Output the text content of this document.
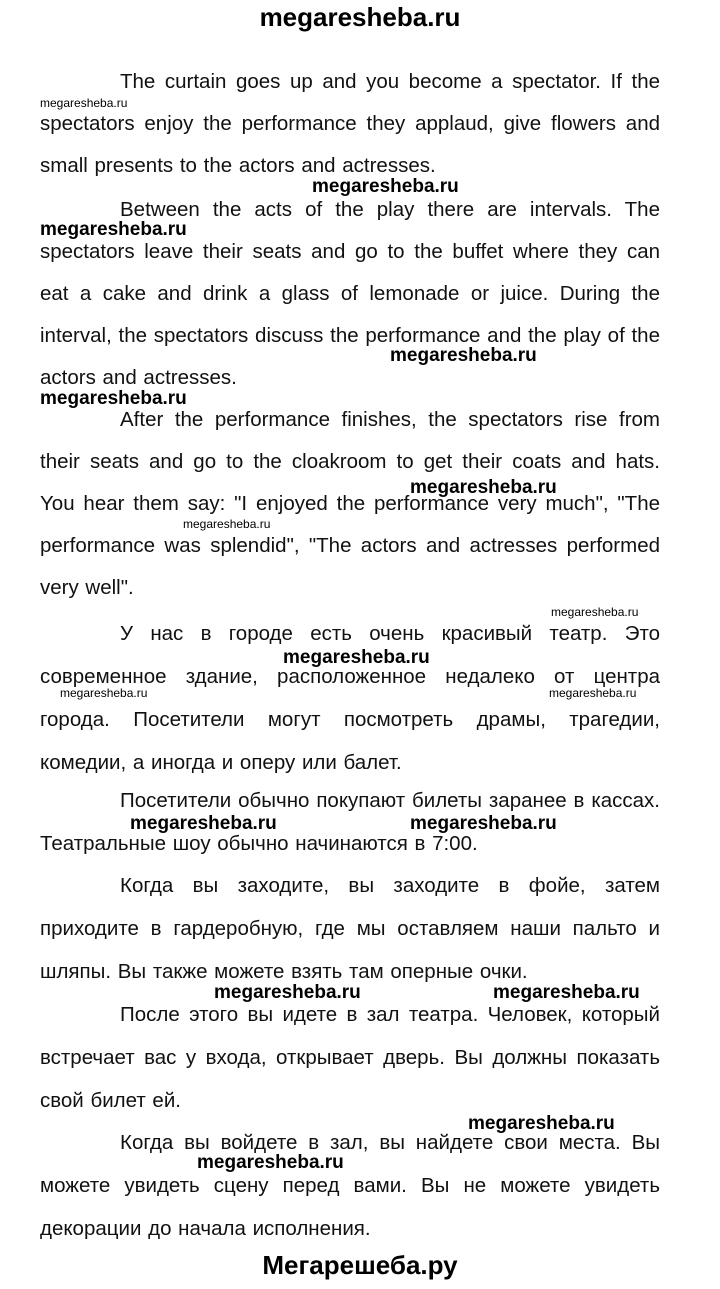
megaresheba.ru

The curtain goes up and you become a spectator. If the spectators enjoy the performance they applaud, give flowers and small presents to the actors and actresses.

Between the acts of the play there are intervals. The spectators leave their seats and go to the buffet where they can eat a cake and drink a glass of lemonade or juice. During the interval, the spectators discuss the performance and the play of the actors and actresses.

After the performance finishes, the spectators rise from their seats and go to the cloakroom to get their coats and hats. You hear them say: "I enjoyed the performance very much", "The performance was splendid", "The actors and actresses performed very well".

У нас в городе есть очень красивый театр. Это современное здание, расположенное недалеко от центра города. Посетители могут посмотреть драмы, трагедии, комедии, а иногда и оперу или балет.

Посетители обычно покупают билеты заранее в кассах. Театральные шоу обычно начинаются в 7:00.

Когда вы заходите, вы заходите в фойе, затем приходите в гардеробную, где мы оставляем наши пальто и шляпы. Вы также можете взять там оперные очки.

После этого вы идете в зал театра. Человек, который встречает вас у входа, открывает дверь. Вы должны показать свой билет ей.

Когда вы войдете в зал, вы найдете свои места. Вы можете увидеть сцену перед вами. Вы не можете увидеть декорации до начала исполнения.

megaresheba.ru
megaresheba.ru
megaresheba.ru
megaresheba.ru
megaresheba.ru
megaresheba.ru
megaresheba.ru
megaresheba.ru
megaresheba.ru
megaresheba.ru	megaresheba.ru
megaresheba.ru	megaresheba.ru
megaresheba.ru	megaresheba.ru
megaresheba.ru
megaresheba.ru
Мегарешеба.ру
